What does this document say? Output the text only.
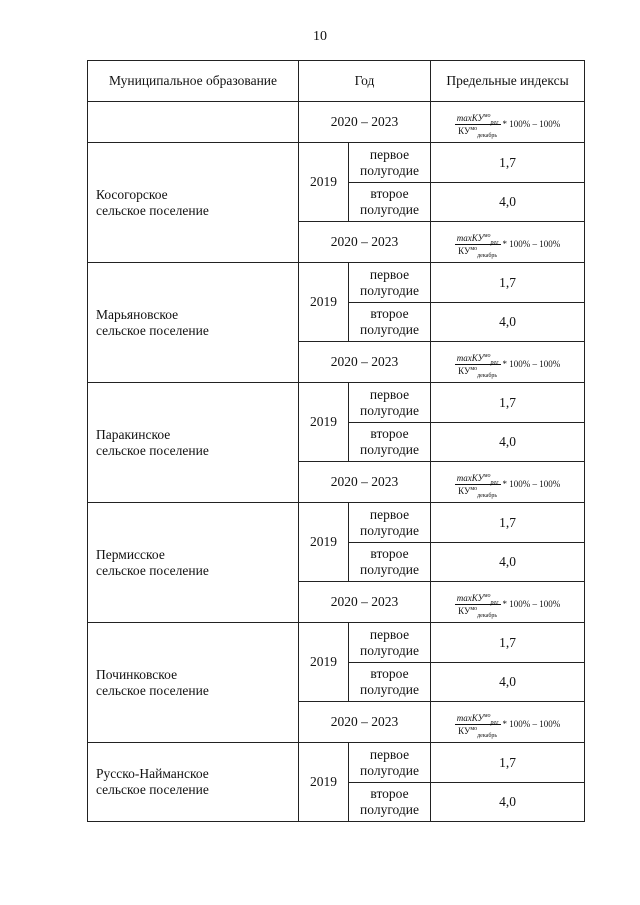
10
Муниципальное образование	Год		Предельные индексы
	2020 – 2023		$\frac{\max КУ^{мо}_{рег}}{КУ^{мо}_{декабрь}} * 100\% - 100\%$

Косогорское
сельское поселение	2019	первое полугодие	1,7
		второе полугодие	4,0
	2020 – 2023		$\frac{\max КУ^{мо}_{рег}}{КУ^{мо}_{декабрь}} * 100\% - 100\%$

Марьяновское
сельское поселение	2019	первое полугодие	1,7
		второе полугодие	4,0
	2020 – 2023		$\frac{\max КУ^{мо}_{рег}}{КУ^{мо}_{декабрь}} * 100\% - 100\%$

Паракинское
сельское поселение	2019	первое полугодие	1,7
		второе полугодие	4,0
	2020 – 2023		$\frac{\max КУ^{мо}_{рег}}{КУ^{мо}_{декабрь}} * 100\% - 100\%$

Пермисское
сельское поселение	2019	первое полугодие	1,7
		второе полугодие	4,0
	2020 – 2023		$\frac{\max КУ^{мо}_{рег}}{КУ^{мо}_{декабрь}} * 100\% - 100\%$

Починковское
сельское поселение	2019	первое полугодие	1,7
		второе полугодие	4,0
	2020 – 2023		$\frac{\max КУ^{мо}_{рег}}{КУ^{мо}_{декабрь}} * 100\% - 100\%$

Русско-Найманское
сельское поселение	2019	первое полугодие	1,7
		второе полугодие	4,0
